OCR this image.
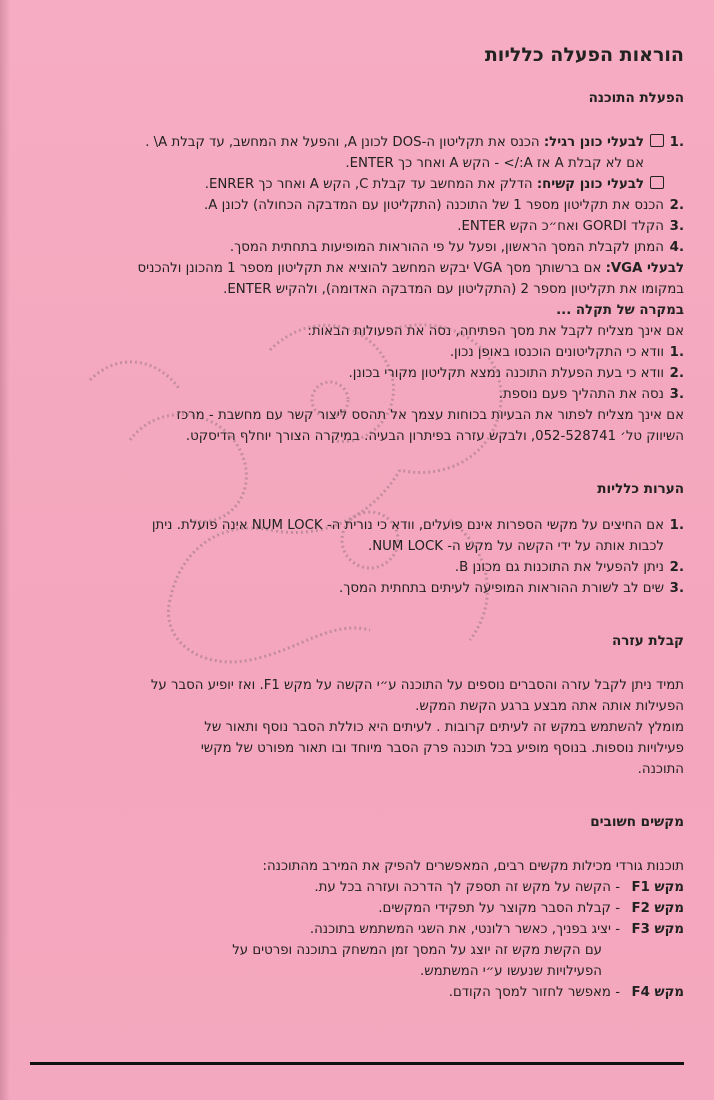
הוראות הפעלה כלליות
הפעלת התוכנה
.1
לבעלי כונן רגיל: הכנס את תקליטון ה-DOS לכונן A, והפעל את המחשב, עד קבלת A\ .
אם לא קבלת A אז A:/> - הקש A ואחר כך ENTER.
לבעלי כונן קשיח: הדלק את המחשב עד קבלת C, הקש A ואחר כך ENRER.
.2
הכנס את תקליטון מספר 1 של התוכנה (התקליטון עם המדבקה הכחולה) לכונן A.
.3
הקלד GORDI ואח״כ הקש ENTER.
.4
המתן לקבלת המסך הראשון, ופעל על פי ההוראות המופיעות בתחתית המסך.
לבעלי VGA: אם ברשותך מסך VGA יבקש המחשב להוציא את תקליטון מספר 1 מהכונן ולהכניס
במקומו את תקליטון מספר 2 (התקליטון עם המדבקה האדומה), ולהקיש ENTER.
במקרה של תקלה ...
אם אינך מצליח לקבל את מסך הפתיחה, נסה את הפעולות הבאות:
.1
וודא כי התקליטונים הוכנסו באופן נכון.
.2
וודא כי בעת הפעלת התוכנה נמצא תקליטון מקורי בכונן.
.3
נסה את התהליך פעם נוספת.
אם אינך מצליח לפתור את הבעיות בכוחות עצמך אל תהסס ליצור קשר עם מחשבת - מרכז
השיווק טל׳ 052-528741, ולבקש עזרה בפיתרון הבעיה. במיקרה הצורך יוחלף הדיסקט.
הערות כלליות
.1
אם החיצים על מקשי הספרות אינם פועלים, וודא כי נורית ה- NUM LOCK אינה פועלת. ניתן
לכבות אותה על ידי הקשה על מקש ה- NUM LOCK.
.2
ניתן להפעיל את התוכנות גם מכונן B.
.3
שים לב לשורת ההוראות המופיעה לעיתים בתחתית המסך.
קבלת עזרה
תמיד ניתן לקבל עזרה והסברים נוספים על התוכנה ע״י הקשה על מקש F1. ואז יופיע הסבר על
הפעילות אותה אתה מבצע ברגע הקשת המקש.
מומלץ להשתמש במקש זה לעיתים קרובות . לעיתים היא כוללת הסבר נוסף ותאור של
פעילויות נוספות. בנוסף מופיע בכל תוכנה פרק הסבר מיוחד ובו תאור מפורט של מקשי
התוכנה.
מקשים חשובים
תוכנות גורדי מכילות מקשים רבים, המאפשרים להפיק את המירב מהתוכנה:
מקש F1
- הקשה על מקש זה תספק לך הדרכה ועזרה בכל עת.
מקש F2
- קבלת הסבר מקוצר על תפקידי המקשים.
מקש F3
- יציג בפניך, כאשר רלונטי, את השגי המשתמש בתוכנה.
עם הקשת מקש זה יוצג על המסך זמן המשחק בתוכנה ופרטים על
הפעילויות שנעשו ע״י המשתמש.
מקש F4
- מאפשר לחזור למסך הקודם.
